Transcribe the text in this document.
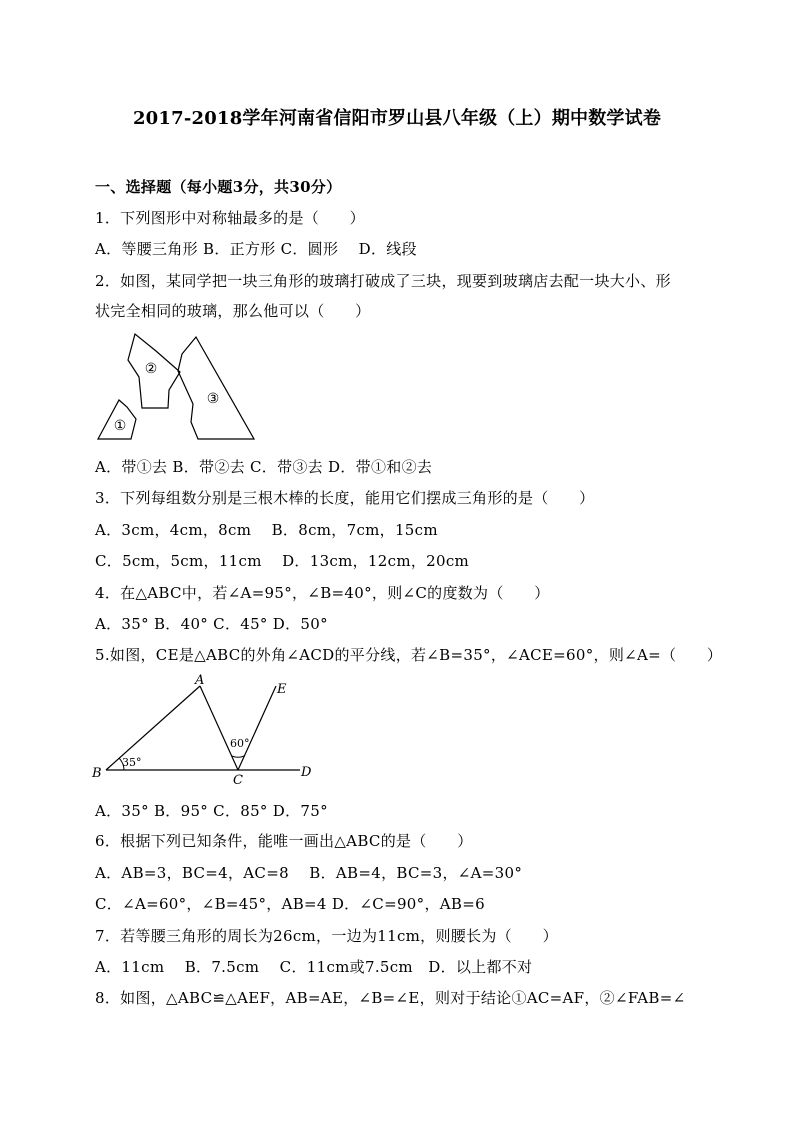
2017-2018学年河南省信阳市罗山县八年级（上）期中数学试卷
一、选择题（每小题3分，共30分）
1．下列图形中对称轴最多的是（　　）
A．等腰三角形 B．正方形 C．圆形　 D．线段
2．如图，某同学把一块三角形的玻璃打破成了三块，现要到玻璃店去配一块大小、形
状完全相同的玻璃，那么他可以（　　）
①
②
③
A．带①去 B．带②去 C．带③去 D．带①和②去
3．下列每组数分别是三根木棒的长度，能用它们摆成三角形的是（　　）
A．3cm，4cm，8cm　 B．8cm，7cm，15cm
C．5cm，5cm，11cm　 D．13cm，12cm，20cm
4．在△ABC中，若∠A=95°，∠B=40°，则∠C的度数为（　　）
A．35° B．40° C．45° D．50°
5.如图，CE是△ABC的外角∠ACD的平分线，若∠B=35°，∠ACE=60°，则∠A=（　　）
A
B	C
D
E
35°
60°
A．35° B．95° C．85° D．75°
6．根据下列已知条件，能唯一画出△ABC的是（　　）
A．AB=3，BC=4，AC=8　 B．AB=4，BC=3，∠A=30°
C．∠A=60°，∠B=45°，AB=4 D．∠C=90°，AB=6
7．若等腰三角形的周长为26cm，一边为11cm，则腰长为（　　）
A．11cm　 B．7.5cm　 C．11cm或7.5cm　D．以上都不对
8．如图，△ABC≌△AEF，AB=AE，∠B=∠E，则对于结论①AC=AF，②∠FAB=∠
